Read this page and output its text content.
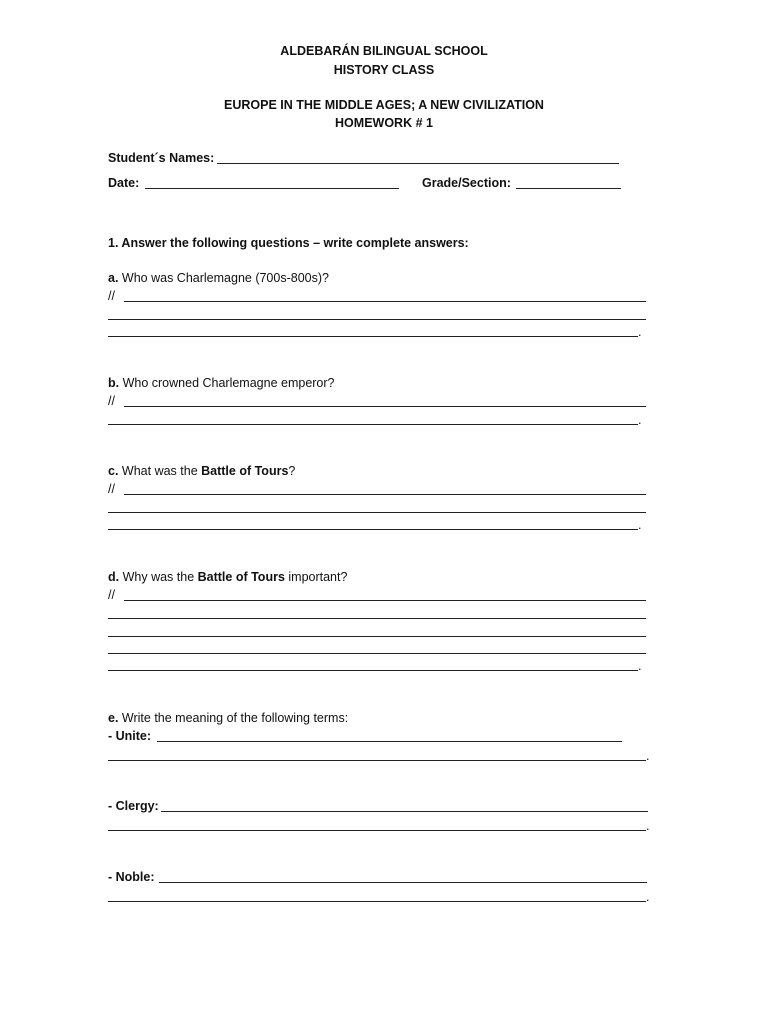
ALDEBARÁN BILINGUAL SCHOOL
HISTORY CLASS
EUROPE IN THE MIDDLE AGES; A NEW CIVILIZATION
HOMEWORK # 1
Student´s Names:
Date:	Grade/Section:
1. Answer the following questions – write complete answers:
a. Who was Charlemagne (700s-800s)?
//
.
b. Who crowned Charlemagne emperor?
//
.
c. What was the Battle of Tours?
//
.
d. Why was the Battle of Tours important?
//
.
e. Write the meaning of the following terms:
- Unite:
.
- Clergy:
.
- Noble:
.
